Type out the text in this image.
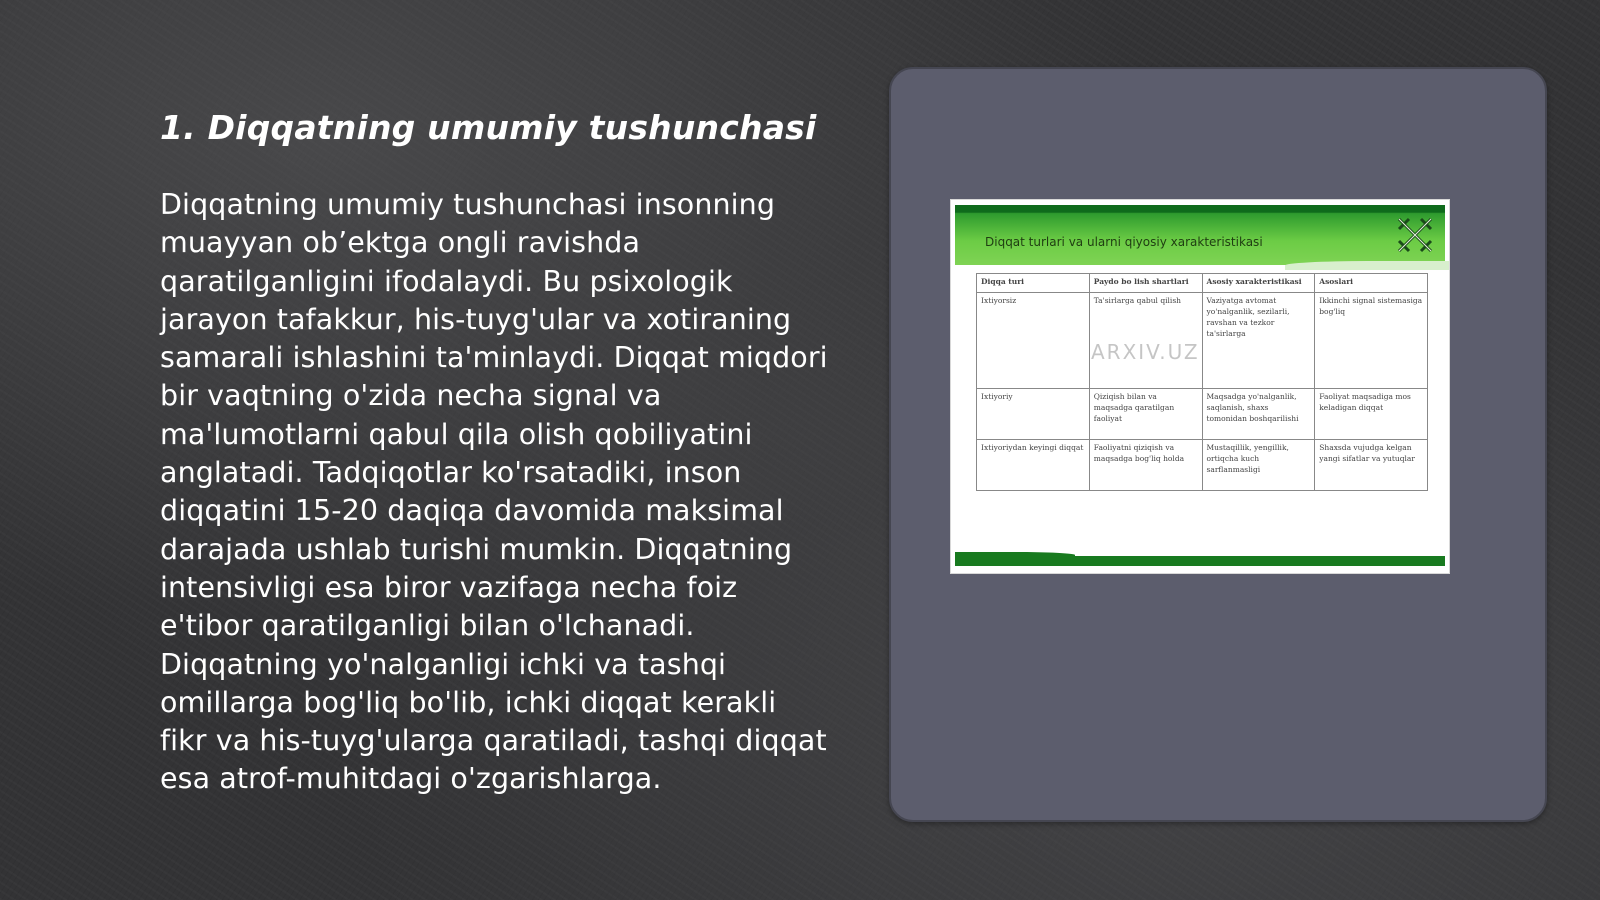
1. Diqqatning umumiy tushunchasi

Diqqatning umumiy tushunchasi insonning muayyan ob’ektga ongli ravishda qaratilganligini ifodalaydi. Bu psixologik jarayon tafakkur, his-tuyg'ular va xotiraning samarali ishlashini ta'minlaydi. Diqqat miqdori bir vaqtning o'zida necha signal va ma'lumotlarni qabul qila olish qobiliyatini anglatadi. Tadqiqotlar ko'rsatadiki, inson diqqatini 15-20 daqiqa davomida maksimal darajada ushlab turishi mumkin. Diqqatning intensivligi esa biror vazifaga necha foiz e'tibor qaratilganligi bilan o'lchanadi. Diqqatning yo'nalganligi ichki va tashqi omillarga bog'liq bo'lib, ichki diqqat kerakli fikr va his-tuyg'ularga qaratiladi, tashqi diqqat esa atrof-muhitdagi o'zgarishlarga.

Diqqat turlari va ularni qiyosiy xarakteristikasi
Diqqa turi	Paydo bo lish shartlari	Asosiy xarakteristikasi	Asoslari
Ixtiyorsiz	Ta'sirlarga qabul qilish	Vaziyatga avtomat yo'nalganlik, sezilarli, ravshan va tezkor ta'sirlarga	Ikkinchi signal sistemasiga bog'liq
Ixtiyoriy	Qiziqish bilan va maqsadga qaratilgan faoliyat	Maqsadga yo'nalganlik, saqlanish, shaxs tomonidan boshqarilishi	Faoliyat maqsadiga mos keladigan diqqat
Ixtiyoriydan keyingi diqqat	Faoliyatni qiziqish va maqsadga bog'liq holda	Mustaqillik, yengillik, ortiqcha kuch sarflanmasligi	Shaxsda vujudga kelgan yangi sifatlar va yutuqlar
ARXIV.UZ
